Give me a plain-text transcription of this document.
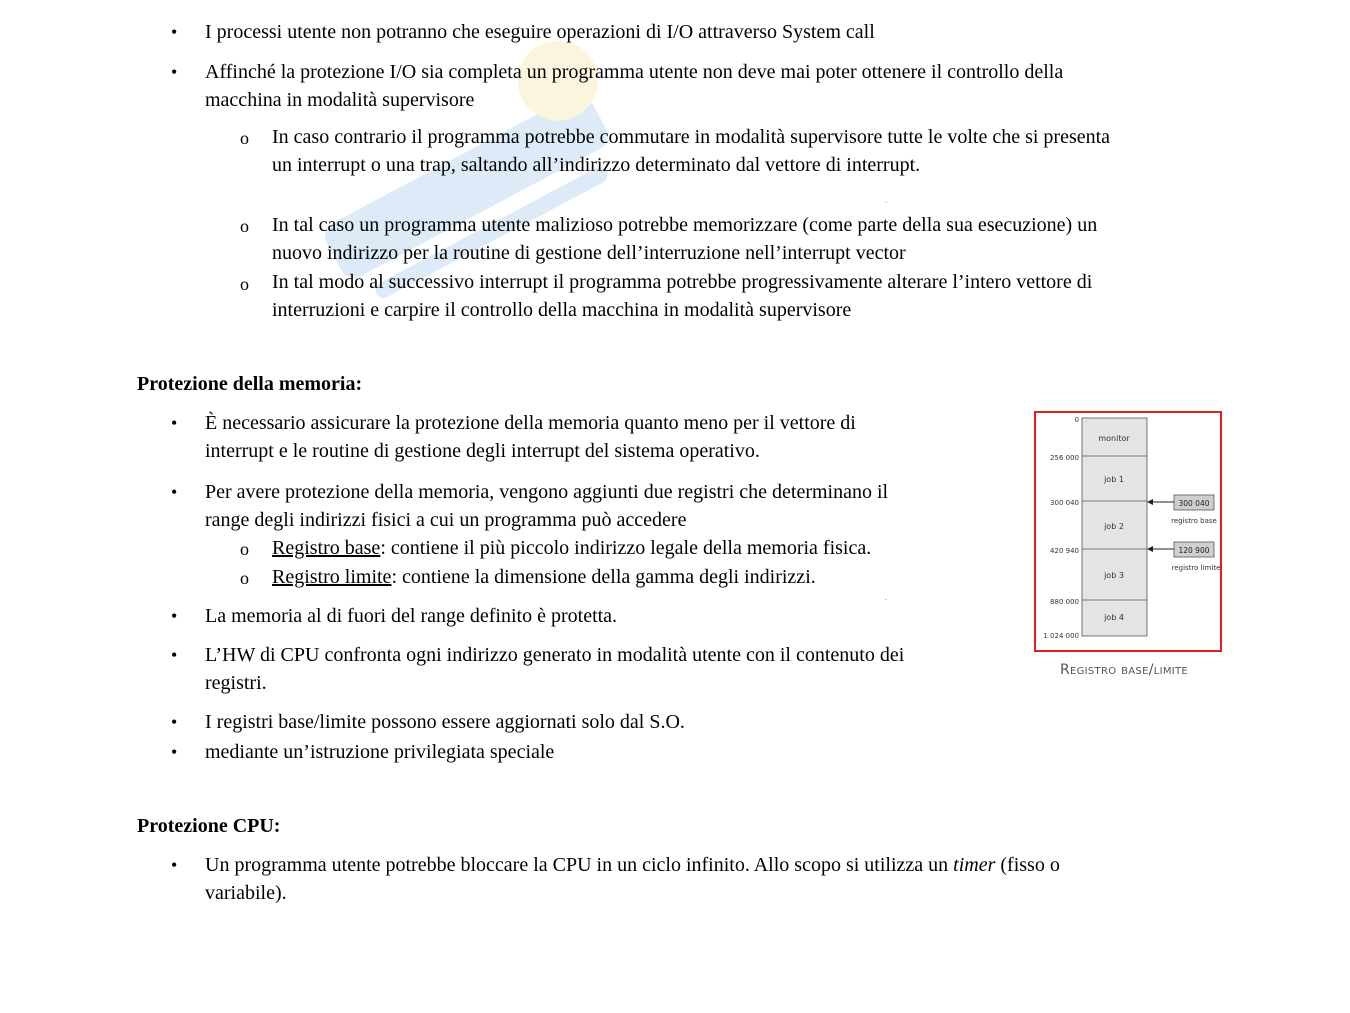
• I processi utente non potranno che eseguire operazioni di I/O attraverso System call
• Affinché la protezione I/O sia completa un programma utente non deve mai poter ottenere il controllo della
macchina in modalità supervisore
o In caso contrario il programma potrebbe commutare in modalità supervisore tutte le volte che si presenta
un interrupt o una trap, saltando all’indirizzo determinato dal vettore di interrupt.
.
o In tal caso un programma utente malizioso potrebbe memorizzare (come parte della sua esecuzione) un
nuovo indirizzo per la routine di gestione dell’interruzione nell’interrupt vector
o In tal modo al successivo interrupt il programma potrebbe progressivamente alterare l’intero vettore di
interruzioni e carpire il controllo della macchina in modalità supervisore
Protezione della memoria:
• È necessario assicurare la protezione della memoria quanto meno per il vettore di
interrupt e le routine di gestione degli interrupt del sistema operativo.
• Per avere protezione della memoria, vengono aggiunti due registri che determinano il
range degli indirizzi fisici a cui un programma può accedere
o Registro base: contiene il più piccolo indirizzo legale della memoria fisica.
o Registro limite: contiene la dimensione della gamma degli indirizzi.
.
• La memoria al di fuori del range definito è protetta.
• L’HW di CPU confronta ogni indirizzo generato in modalità utente con il contenuto dei
registri.
• I registri base/limite possono essere aggiornati solo dal S.O.
• mediante un’istruzione privilegiata speciale
monitor
job 1
job 2
job 3
job 4
0
256 000
300 040
420 940
880 000
1 024 000
300 040
registro base
120 900
registro limite
Registro base/limite
Protezione CPU:
• Un programma utente potrebbe bloccare la CPU in un ciclo infinito. Allo scopo si utilizza un timer (fisso o
variabile).
